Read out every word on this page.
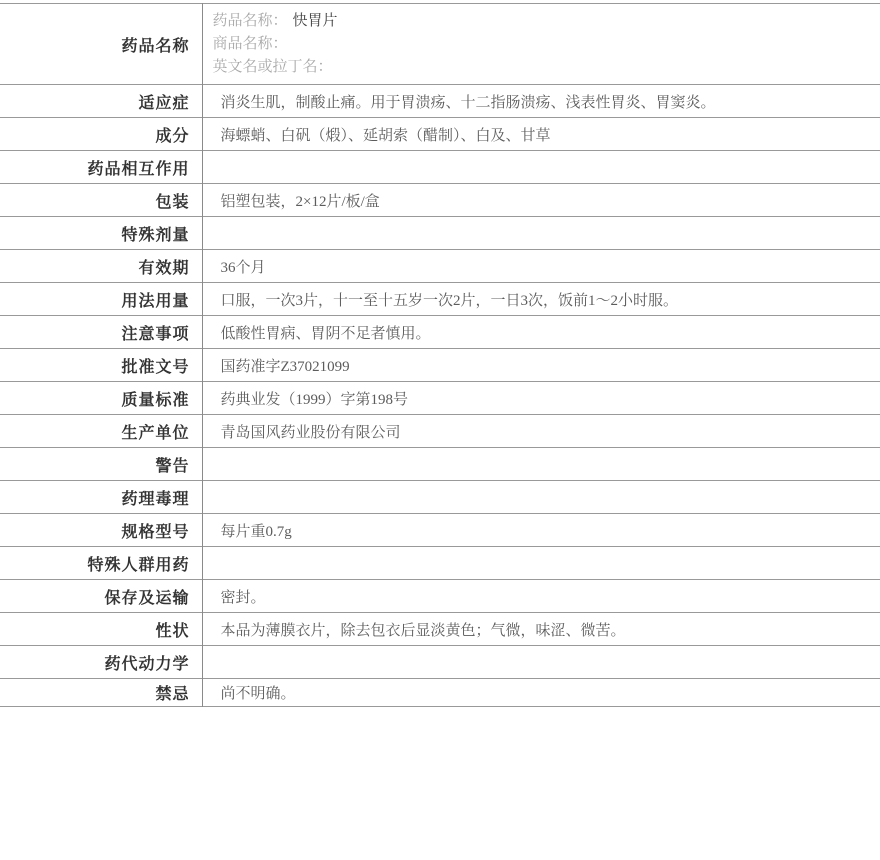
药品名称	药品名称： 快胃片
商品名称：
英文名或拉丁名：

适应症	消炎生肌，制酸止痛。用于胃溃疡、十二指肠溃疡、浅表性胃炎、胃窦炎。
成分	海螵蛸、白矾（煅）、延胡索（醋制）、白及、甘草
药品相互作用	
包装	铝塑包装，2×12片/板/盒
特殊剂量	
有效期	36个月
用法用量	口服，一次3片，十一至十五岁一次2片，一日3次，饭前1～2小时服。
注意事项	低酸性胃病、胃阴不足者慎用。
批准文号	国药准字Z37021099
质量标准	药典业发（1999）字第198号
生产单位	青岛国风药业股份有限公司
警告	
药理毒理	
规格型号	每片重0.7g
特殊人群用药	
保存及运输	密封。
性状	本品为薄膜衣片，除去包衣后显淡黄色；气微，味涩、微苦。
药代动力学	
禁忌	尚不明确。
